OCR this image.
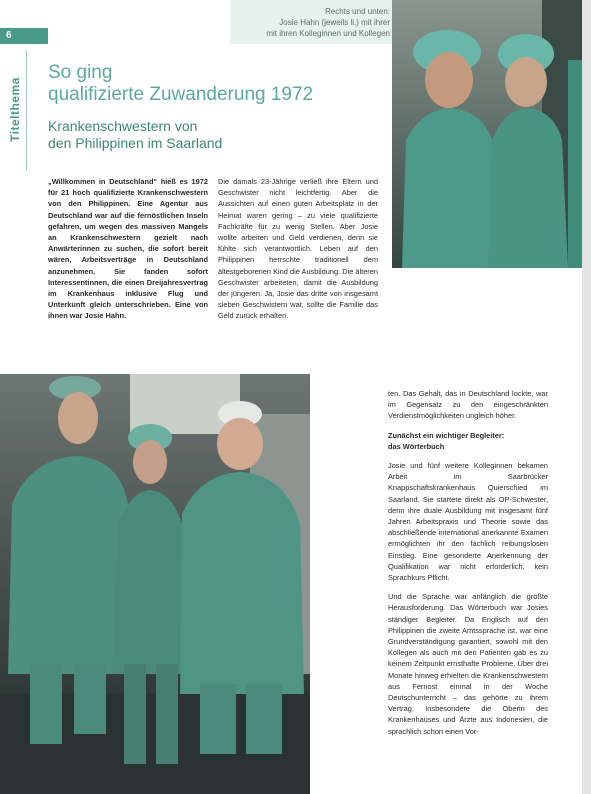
6
Titelthema
Rechts und unten:
Josie Hahn (jeweils li.) mit ihrer
mit ihren Kolleginnen und Kollegen
So ging
qualifizierte Zuwanderung 1972
Krankenschwestern von
den Philippinen im Saarland
„Willkommen in Deutschland" hieß es 1972 für 21 hoch qualifizierte Krankenschwestern von den Philippinen. Eine Agentur aus Deutschland war auf die fernöstlichen Inseln gefahren, um wegen des massiven Mangels an Krankenschwestern gezielt nach Anwärterinnen zu suchen, die sofort bereit wären, Arbeitsverträge in Deutschland anzunehmen. Sie fanden sofort Interessentinnen, die einen Dreijahresvertrag im Krankenhaus inklusive Flug und Unterkunft gleich unterschrieben. Eine von ihnen war Josie Hahn.
Die damals 23-Jährige verließ ihre Eltern und Geschwister nicht leichtfertig. Aber die Aussichten auf einen guten Arbeitsplatz in der Heimat waren gering – zu viele qualifizierte Fachkräfte für zu wenig Stellen. Aber Josie wollte arbeiten und Geld verdienen, denn sie fühlte sich verantwortlich. Leben auf den Philippinen herrschte traditionell dem ältestgeborenen Kind die Ausbildung. Die älteren Geschwister arbeiteten, damit die Ausbildung der jüngeren. Ja, Josie das dritte von insgesamt sieben Geschwistern war, sollte die Familie das Geld zurück erhalten.

ten. Das Gehalt, das in Deutschland lockte, war im Gegensatz zu den eingeschränkten Verdienstmöglichkeiten ungleich höher.

Zunächst ein wichtiger Begleiter:
das Wörterbuch

Josie und fünf weitere Kolleginnen bekamen Arbeit im Saarbrücker Knappschaftskrankenhaus Quierschied im Saarland. Sie startete direkt als OP-Schwester, denn ihre duale Ausbildung mit insgesamt fünf Jahren Arbeitspraxis und Theorie sowie das abschließende international anerkannte Examen ermöglichten ihr den fachlich reibungslosen Einstieg. Eine gesonderte Anerkennung der Qualifikation war nicht erforderlich, kein Sprachkurs Pflicht.

Und die Sprache war anfänglich die größte Herausforderung. Das Wörterbuch war Josies ständiger Begleiter. Da Englisch auf den Philippinen die zweite Amtssprache ist, war eine Grundverständigung garantiert, sowohl mit den Kollegen als auch mit den Patienten gab es zu keinem Zeitpunkt ernsthafte Probleme. Über drei Monate hinweg erhielten die Krankenschwestern aus Fernost einmal in der Woche Deutschunterricht – das gehörte zu ihrem Vertrag. Insbesondere die Oberin des Krankenhauses und Ärzte aus Indonesien, die sprachlich schon einen Vor-
